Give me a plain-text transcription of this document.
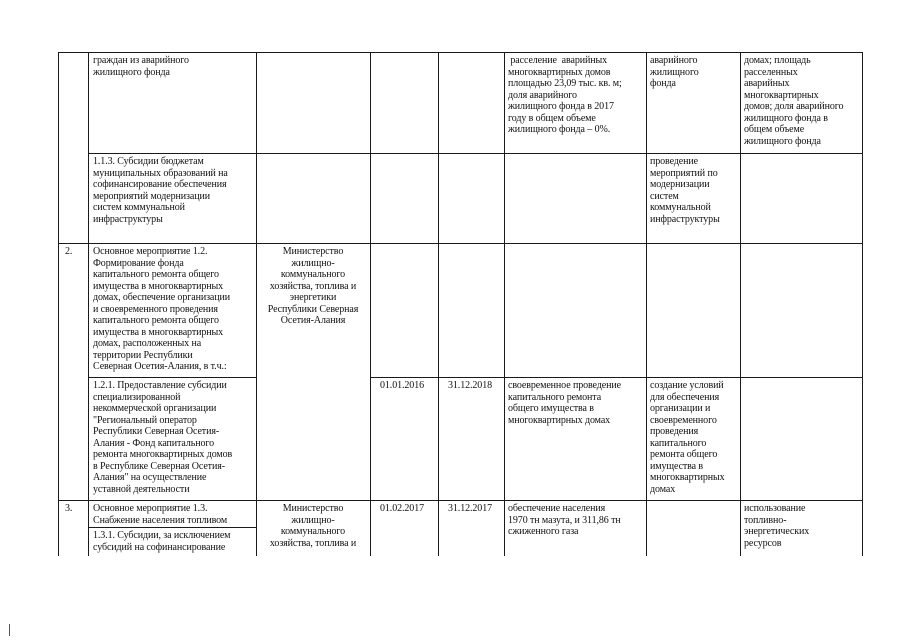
граждан из аварийного
жилищного фонда
расселение  аварийных
многоквартирных домов
площадью 23,09 тыс. кв. м;
доля аварийного
жилищного фонда в 2017
году в общем объеме
жилищного фонда – 0%.
аварийного
жилищного
фонда
домах; площадь
расселенных
аварийных
многоквартирных
домов; доля аварийного
жилищного фонда в
общем объеме
жилищного фонда
1.1.3. Субсидии бюджетам
муниципальных образований на
софинансирование обеспечения
мероприятий модернизации
систем коммунальной
инфраструктуры
проведение
мероприятий по
модернизации
систем
коммунальной
инфраструктуры
2. Основное мероприятие 1.2.
Формирование фонда
капитального ремонта общего
имущества в многоквартирных
домах, обеспечение организации
и своевременного проведения
капитального ремонта общего
имущества в многоквартирных
домах, расположенных на
территории Республики
Северная Осетия-Алания, в т.ч.:
Министерство
жилищно-
коммунального
хозяйства, топлива и
энергетики
Республики Северная
Осетия-Алания
1.2.1. Предоставление субсидии
специализированной
некоммерческой организации
"Региональный оператор
Республики Северная Осетия-
Алания - Фонд капитального
ремонта многоквартирных домов
в Республике Северная Осетия-
Алания" на осуществление
уставной деятельности
01.01.2016 31.12.2018 своевременное проведение
капитального ремонта
общего имущества в
многоквартирных домах
создание условий
для обеспечения
организации и
своевременного
проведения
капитального
ремонта общего
имущества в
многоквартирных
домах
3. Основное мероприятие 1.3.
Снабжение населения топливом
1.3.1. Субсидии, за исключением
субсидий на софинансирование
Министерство
жилищно-
коммунального
хозяйства, топлива и
01.02.2017 31.12.2017 обеспечение населения
1970 тн мазута, и 311,86 тн
сжиженного газа
использование
топливно-
энергетических
ресурсов
